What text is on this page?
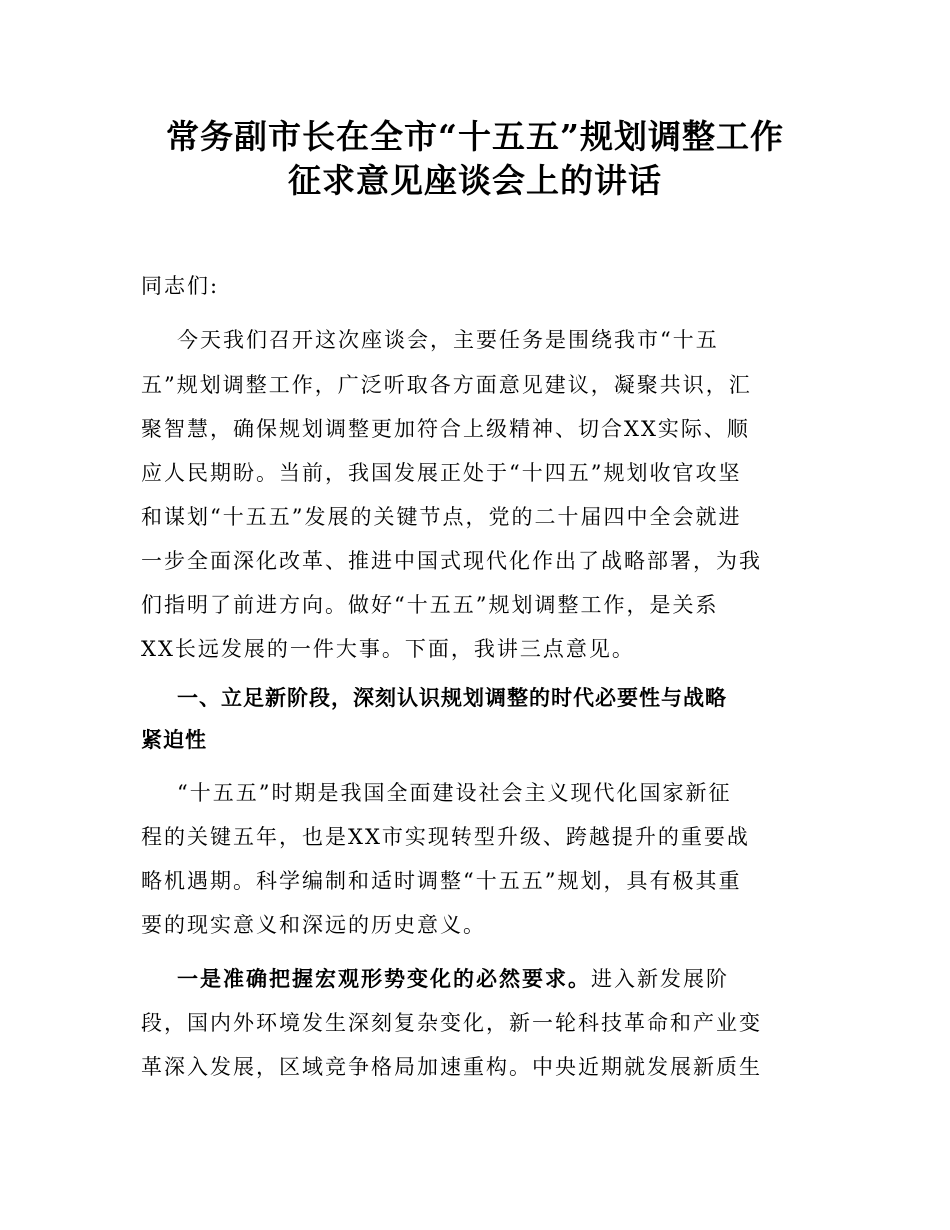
常务副市长在全市“十五五”规划调整工作
征求意见座谈会上的讲话

同志们:

今天我们召开这次座谈会，主要任务是围绕我市“十五

五”规划调整工作，广泛听取各方面意见建议，凝聚共识，汇

聚智慧，确保规划调整更加符合上级精神、切合XX实际、顺

应人民期盼。当前，我国发展正处于“十四五”规划收官攻坚

和谋划“十五五”发展的关键节点，党的二十届四中全会就进

一步全面深化改革、推进中国式现代化作出了战略部署，为我

们指明了前进方向。做好“十五五”规划调整工作，是关系

XX长远发展的一件大事。下面，我讲三点意见。

一、立足新阶段，深刻认识规划调整的时代必要性与战略

紧迫性

“十五五”时期是我国全面建设社会主义现代化国家新征

程的关键五年，也是XX市实现转型升级、跨越提升的重要战

略机遇期。科学编制和适时调整“十五五”规划，具有极其重

要的现实意义和深远的历史意义。

一是准确把握宏观形势变化的必然要求。进入新发展阶

段，国内外环境发生深刻复杂变化，新一轮科技革命和产业变

革深入发展，区域竞争格局加速重构。中央近期就发展新质生
